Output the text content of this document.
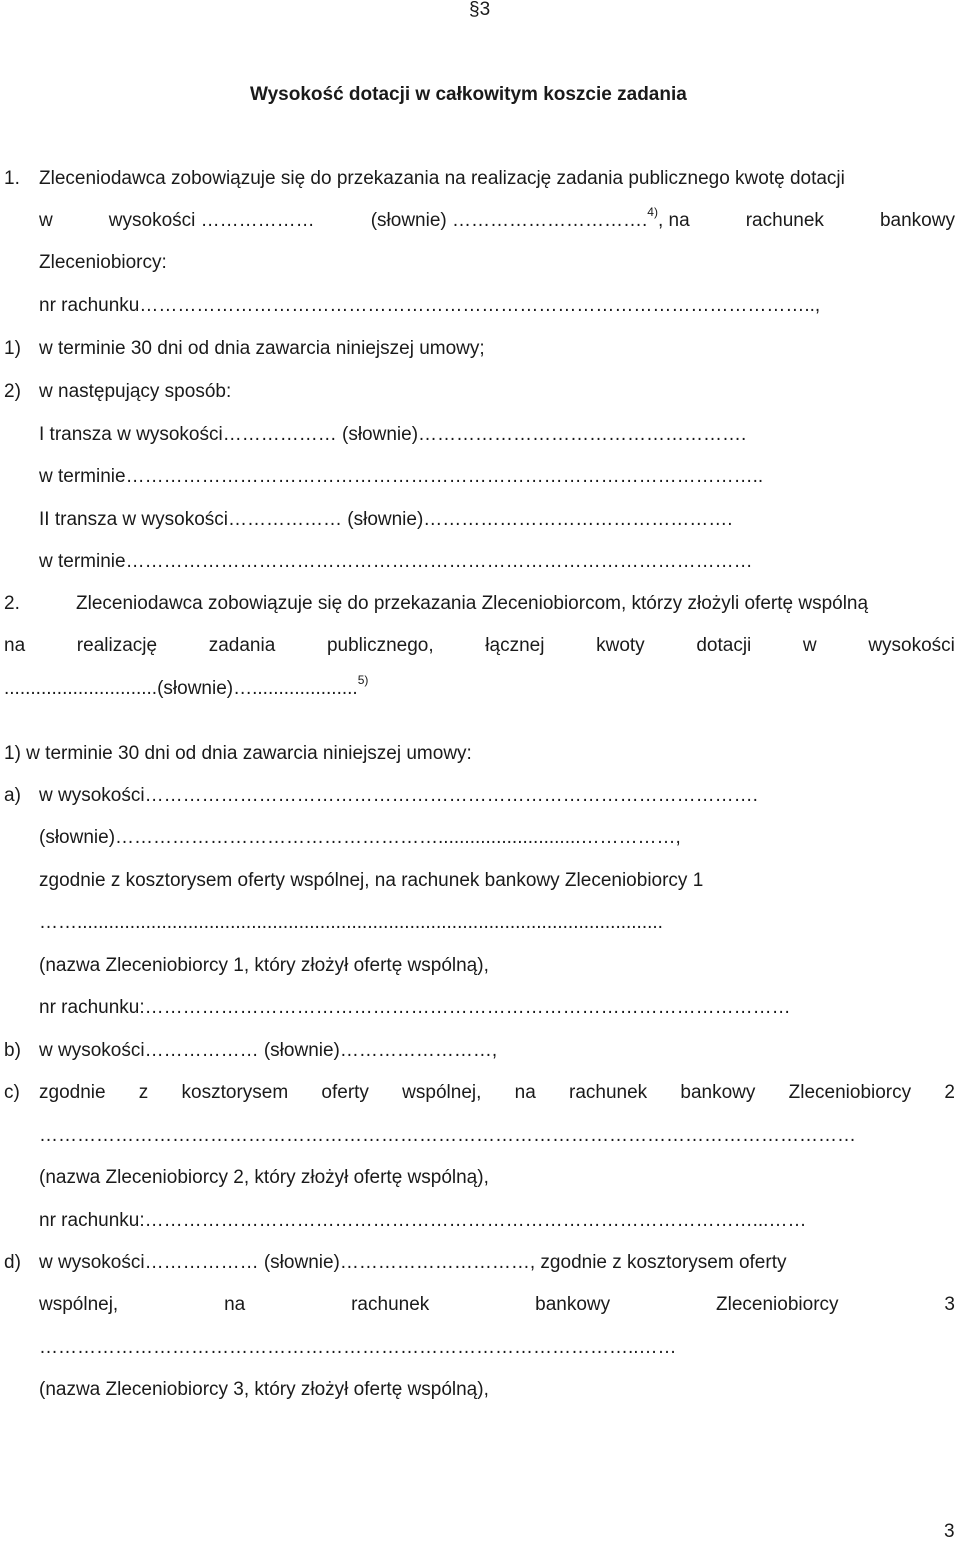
§3
Wysokość dotacji w całkowitym koszcie zadania
1. Zleceniodawca zobowiązuje się do przekazania na realizację zadania publicznego kwotę dotacji
w	wysokości ………………	(słownie) ………………………….$^{4)}$, na	rachunek	bankowy
Zleceniobiorcy:
nr rachunku……………………………………………………………………………………………..,
1) w terminie 30 dni od dnia zawarcia niniejszej umowy;
2) w następujący sposób:
I transza w wysokości……………… (słownie)…………………………………………….
w terminie………………………………………………………………………………………..
II transza w wysokości……………… (słownie)………………………………………….
w terminie………………………………………………………………………………………
2.	Zleceniodawca zobowiązuje się do przekazania Zleceniobiorcom, którzy złożyli ofertę wspólną
na	realizację	zadania	publicznego,	łącznej	kwoty	dotacji	w	wysokości
.............................(słownie)…....................$^{5)}$
1) w terminie 30 dni od dnia zawarcia niniejszej umowy:
a) w wysokości…………………………………………………………………………………….
(słownie)……………………………………………...........................……………,
zgodnie z kosztorysem oferty wspólnej, na rachunek bankowy Zleceniobiorcy 1
……...............................................................................................................
(nazwa Zleceniobiorcy 1, który złożył ofertę wspólną),
nr rachunku:…………………………………………………………………………………………
b) w wysokości……………… (słownie)……………………,
c) zgodnie z kosztorysem oferty wspólnej, na rachunek bankowy Zleceniobiorcy 2
…………………………………………………………………………………………………………………
(nazwa Zleceniobiorcy 2, który złożył ofertę wspólną),
nr rachunku:……………………………………………………………………………………...……
d) w wysokości……………… (słownie)…………………………, zgodnie z kosztorysem oferty
wspólnej,	na	rachunek	bankowy	Zleceniobiorcy	3
…………………………………………………………………………………..……
(nazwa Zleceniobiorcy 3, który złożył ofertę wspólną),
3
